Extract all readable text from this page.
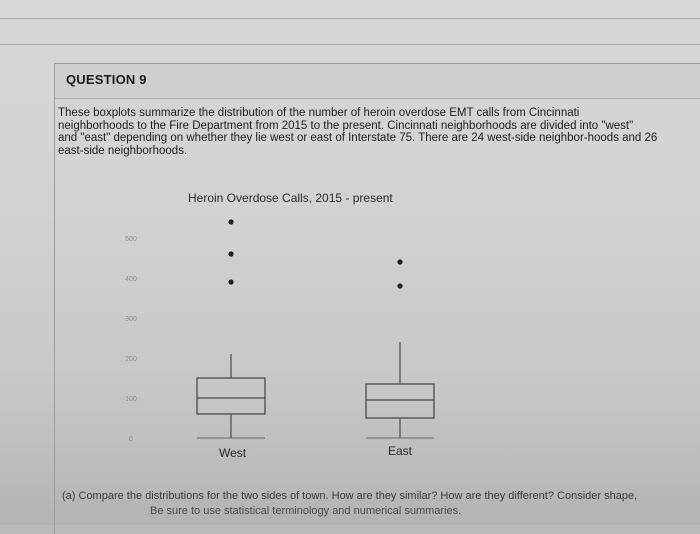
QUESTION 9

These boxplots summarize the distribution of the number of heroin overdose EMT calls from Cincinnati

neighborhoods to the Fire Department from 2015 to the present. Cincinnati neighborhoods are divided into "west"

and "east" depending on whether they lie west or east of Interstate 75. There are 24 west-side neighbor-hoods and 26

east-side neighborhoods.

Heroin Overdose Calls, 2015 - present
0
100
200
300
400
500
West	East
(a) Compare the distributions for the two sides of town. How are they similar? How are they different? Consider shape,
Be sure to use statistical terminology and numerical summaries.
